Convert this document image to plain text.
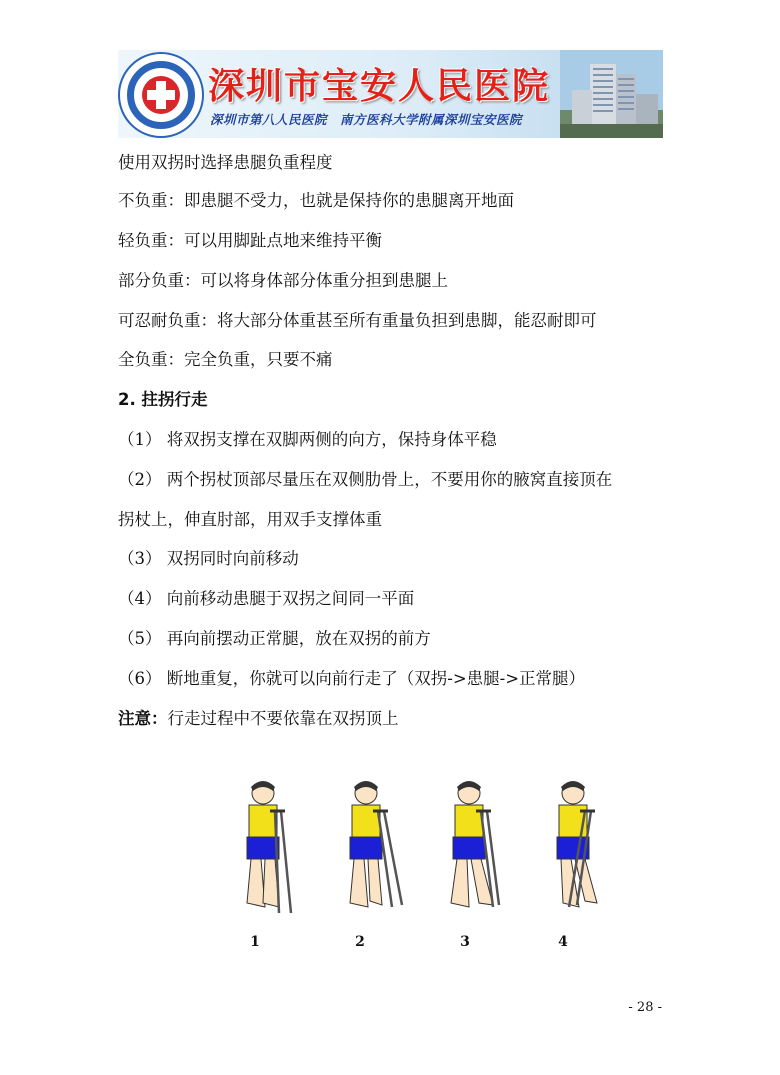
深圳市宝安人民医院
深圳市第八人民医院　南方医科大学附属深圳宝安医院
使用双拐时选择患腿负重程度
不负重：即患腿不受力，也就是保持你的患腿离开地面
轻负重：可以用脚趾点地来维持平衡
部分负重：可以将身体部分体重分担到患腿上
可忍耐负重：将大部分体重甚至所有重量负担到患脚，能忍耐即可
全负重：完全负重，只要不痛
2. 拄拐行走
（1） 将双拐支撑在双脚两侧的向方，保持身体平稳
（2） 两个拐杖顶部尽量压在双侧肋骨上，不要用你的腋窝直接顶在
拐杖上，伸直肘部，用双手支撑体重
（3） 双拐同时向前移动
（4） 向前移动患腿于双拐之间同一平面
（5） 再向前摆动正常腿，放在双拐的前方
（6） 断地重复，你就可以向前行走了（双拐->患腿->正常腿）
注意：行走过程中不要依靠在双拐顶上
1	2	3	4
- 28 -
